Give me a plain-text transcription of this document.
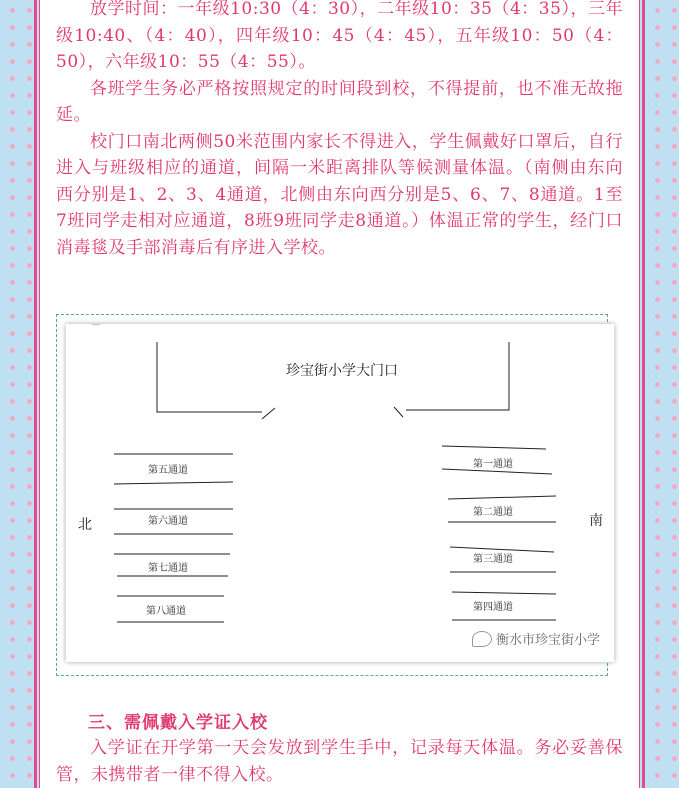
放学时间：一年级10:30（4：30），二年级10：35（4：35），三年级10:40、（4：40），四年级10：45（4：45），五年级10：50（4：50），六年级10：55（4：55）。

各班学生务必严格按照规定的时间段到校，不得提前，也不准无故拖延。

校门口南北两侧50米范围内家长不得进入，学生佩戴好口罩后，自行进入与班级相应的通道，间隔一米距离排队等候测量体温。（南侧由东向西分别是1、2、3、4通道，北侧由东向西分别是5、6、7、8通道。1至7班同学走相对应通道，8班9班同学走8通道。）体温正常的学生，经门口消毒毯及手部消毒后有序进入学校。

珍宝街小学大门口
北	南
第五通道
第六通道
第七通道
第八通道
第一通道
第二通道
第三通道
第四通道
衡水市珍宝街小学
三、需佩戴入学证入校

入学证在开学第一天会发放到学生手中，记录每天体温。务必妥善保管，未携带者一律不得入校。
